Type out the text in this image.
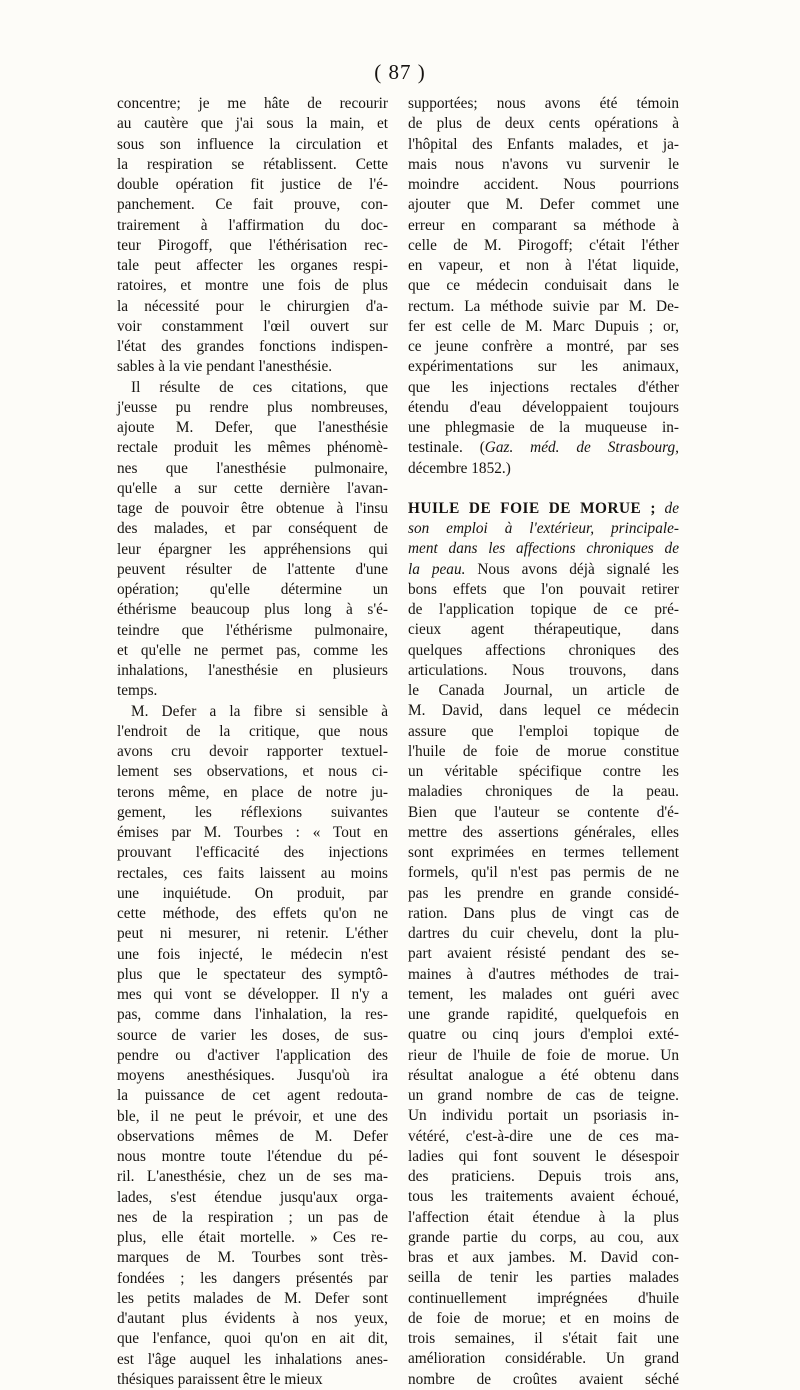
( 87 )
concentre; je me hâte de recourir
au cautère que j'ai sous la main, et
sous son influence la circulation et
la respiration se rétablissent. Cette
double opération fit justice de l'é-
panchement. Ce fait prouve, con-
trairement à l'affirmation du doc-
teur Pirogoff, que l'éthérisation rec-
tale peut affecter les organes respi-
ratoires, et montre une fois de plus
la nécessité pour le chirurgien d'a-
voir constamment l'œil ouvert sur
l'état des grandes fonctions indispen-
sables à la vie pendant l'anesthésie.
Il résulte de ces citations, que
j'eusse pu rendre plus nombreuses,
ajoute M. Defer, que l'anesthésie
rectale produit les mêmes phénomè-
nes que l'anesthésie pulmonaire,
qu'elle a sur cette dernière l'avan-
tage de pouvoir être obtenue à l'insu
des malades, et par conséquent de
leur épargner les appréhensions qui
peuvent résulter de l'attente d'une
opération; qu'elle détermine un
éthérisme beaucoup plus long à s'é-
teindre que l'éthérisme pulmonaire,
et qu'elle ne permet pas, comme les
inhalations, l'anesthésie en plusieurs
temps.
M. Defer a la fibre si sensible à
l'endroit de la critique, que nous
avons cru devoir rapporter textuel-
lement ses observations, et nous ci-
terons même, en place de notre ju-
gement, les réflexions suivantes
émises par M. Tourbes : « Tout en
prouvant l'efficacité des injections
rectales, ces faits laissent au moins
une inquiétude. On produit, par
cette méthode, des effets qu'on ne
peut ni mesurer, ni retenir. L'éther
une fois injecté, le médecin n'est
plus que le spectateur des symptô-
mes qui vont se développer. Il n'y a
pas, comme dans l'inhalation, la res-
source de varier les doses, de sus-
pendre ou d'activer l'application des
moyens anesthésiques. Jusqu'où ira
la puissance de cet agent redouta-
ble, il ne peut le prévoir, et une des
observations mêmes de M. Defer
nous montre toute l'étendue du pé-
ril. L'anesthésie, chez un de ses ma-
lades, s'est étendue jusqu'aux orga-
nes de la respiration ; un pas de
plus, elle était mortelle. » Ces re-
marques de M. Tourbes sont très-
fondées ; les dangers présentés par
les petits malades de M. Defer sont
d'autant plus évidents à nos yeux,
que l'enfance, quoi qu'on en ait dit,
est l'âge auquel les inhalations anes-
thésiques paraissent être le mieux
supportées; nous avons été témoin
de plus de deux cents opérations à
l'hôpital des Enfants malades, et ja-
mais nous n'avons vu survenir le
moindre accident. Nous pourrions
ajouter que M. Defer commet une
erreur en comparant sa méthode à
celle de M. Pirogoff; c'était l'éther
en vapeur, et non à l'état liquide,
que ce médecin conduisait dans le
rectum. La méthode suivie par M. De-
fer est celle de M. Marc Dupuis ; or,
ce jeune confrère a montré, par ses
expérimentations sur les animaux,
que les injections rectales d'éther
étendu d'eau développaient toujours
une phlegmasie de la muqueuse in-
testinale. (Gaz. méd. de Strasbourg,
décembre 1852.)
HUILE DE FOIE DE MORUE ; de
son emploi à l'extérieur, principale-
ment dans les affections chroniques de
la peau. Nous avons déjà signalé les
bons effets que l'on pouvait retirer
de l'application topique de ce pré-
cieux agent thérapeutique, dans
quelques affections chroniques des
articulations. Nous trouvons, dans
le Canada Journal, un article de
M. David, dans lequel ce médecin
assure que l'emploi topique de
l'huile de foie de morue constitue
un véritable spécifique contre les
maladies chroniques de la peau.
Bien que l'auteur se contente d'é-
mettre des assertions générales, elles
sont exprimées en termes tellement
formels, qu'il n'est pas permis de ne
pas les prendre en grande considé-
ration. Dans plus de vingt cas de
dartres du cuir chevelu, dont la plu-
part avaient résisté pendant des se-
maines à d'autres méthodes de trai-
tement, les malades ont guéri avec
une grande rapidité, quelquefois en
quatre ou cinq jours d'emploi exté-
rieur de l'huile de foie de morue. Un
résultat analogue a été obtenu dans
un grand nombre de cas de teigne.
Un individu portait un psoriasis in-
vétéré, c'est-à-dire une de ces ma-
ladies qui font souvent le désespoir
des praticiens. Depuis trois ans,
tous les traitements avaient échoué,
l'affection était étendue à la plus
grande partie du corps, au cou, aux
bras et aux jambes. M. David con-
seilla de tenir les parties malades
continuellement imprégnées d'huile
de foie de morue; et en moins de
trois semaines, il s'était fait une
amélioration considérable. Un grand
nombre de croûtes avaient séché
